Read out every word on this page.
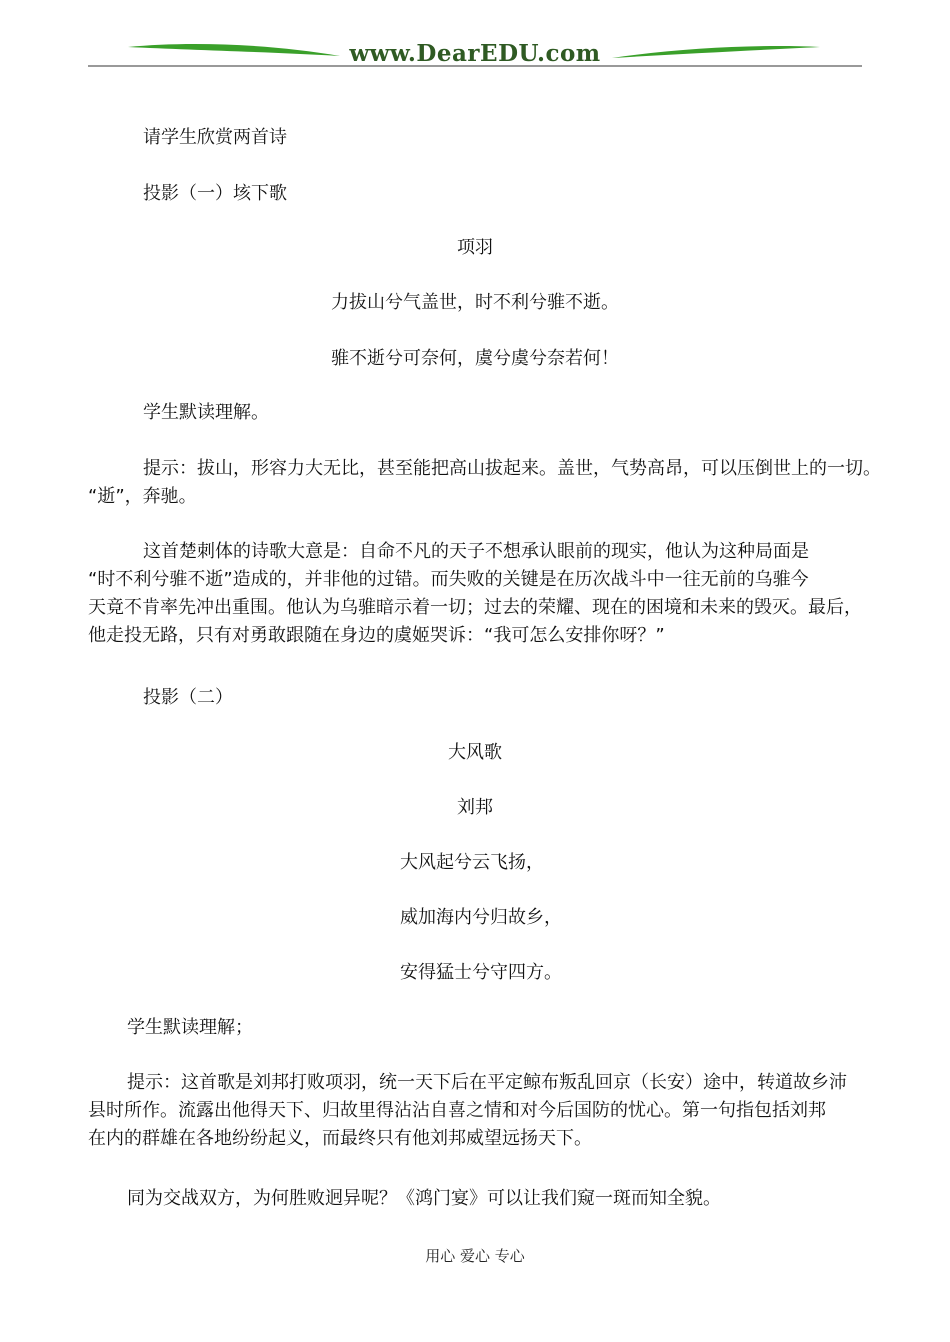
www.DearEDU.com
请学生欣赏两首诗
投影（一）垓下歌
项羽
力拔山兮气盖世，时不利兮骓不逝。
骓不逝兮可奈何，虞兮虞兮奈若何！
学生默读理解。
提示：拔山，形容力大无比，甚至能把高山拔起来。盖世，气势高昂，可以压倒世上的一切。
“逝”，奔驰。
这首楚刺体的诗歌大意是：自命不凡的天子不想承认眼前的现实，他认为这种局面是
“时不利兮骓不逝”造成的，并非他的过错。而失败的关键是在历次战斗中一往无前的乌骓今
天竟不肯率先冲出重围。他认为乌骓暗示着一切；过去的荣耀、现在的困境和未来的毁灭。最后，
他走投无路，只有对勇敢跟随在身边的虞姬哭诉：“我可怎么安排你呀？”
投影（二）
大风歌
刘邦
大风起兮云飞扬，
威加海内兮归故乡，
安得猛士兮守四方。
学生默读理解；
提示：这首歌是刘邦打败项羽，统一天下后在平定鲸布叛乱回京（长安）途中，转道故乡沛
县时所作。流露出他得天下、归故里得沾沾自喜之情和对今后国防的忧心。第一句指包括刘邦
在内的群雄在各地纷纷起义，而最终只有他刘邦威望远扬天下。
同为交战双方，为何胜败迥异呢？《鸿门宴》可以让我们窥一斑而知全貌。
用心 爱心 专心
